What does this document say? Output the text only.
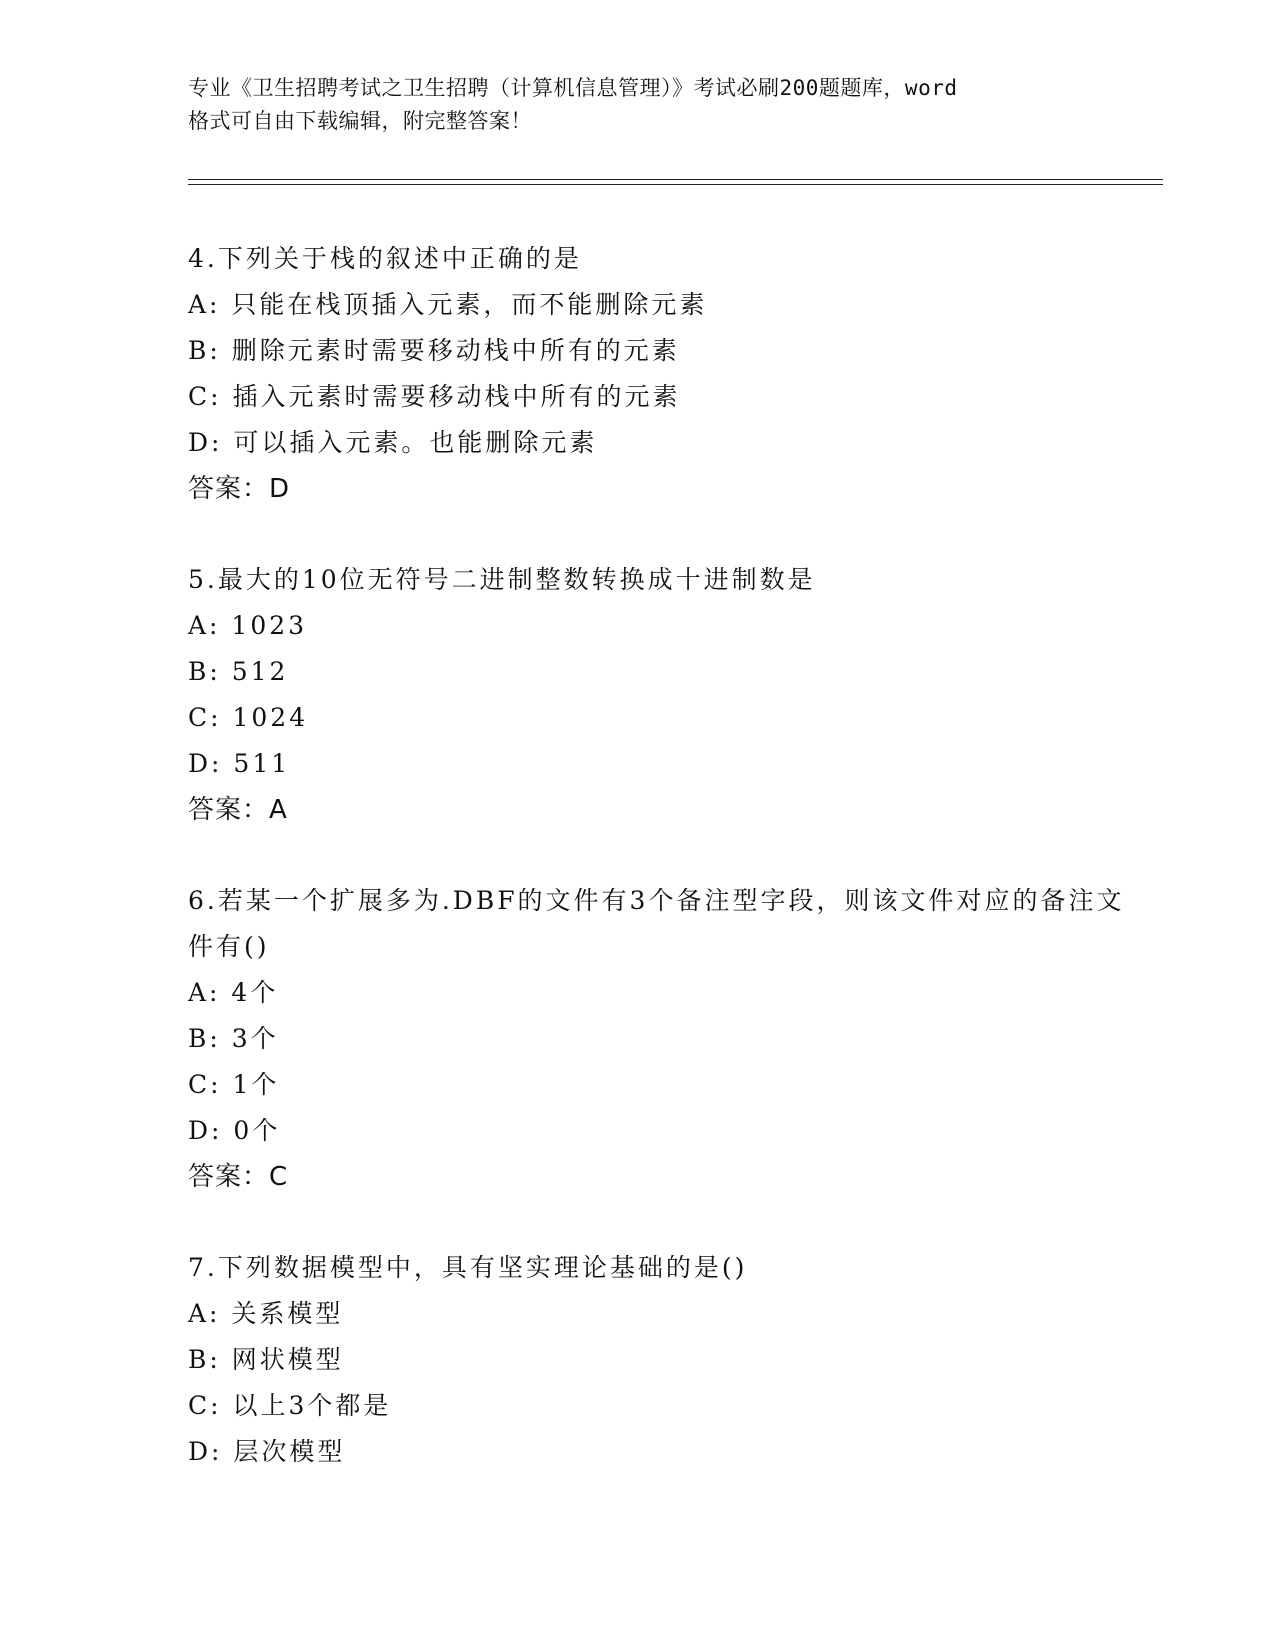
专业《卫生招聘考试之卫生招聘（计算机信息管理）》考试必刷200题题库，word
格式可自由下载编辑，附完整答案！
4.下列关于栈的叙述中正确的是
A: 只能在栈顶插入元素，而不能删除元素
B: 删除元素时需要移动栈中所有的元素
C: 插入元素时需要移动栈中所有的元素
D: 可以插入元素。也能删除元素
答案：D
5.最大的10位无符号二进制整数转换成十进制数是
A: 1023
B: 512
C: 1024
D: 511
答案：A
6.若某一个扩展多为.DBF的文件有3个备注型字段，则该文件对应的备注文件有()
A: 4个
B: 3个
C: 1个
D: 0个
答案：C
7.下列数据模型中，具有坚实理论基础的是()
A: 关系模型
B: 网状模型
C: 以上3个都是
D: 层次模型
